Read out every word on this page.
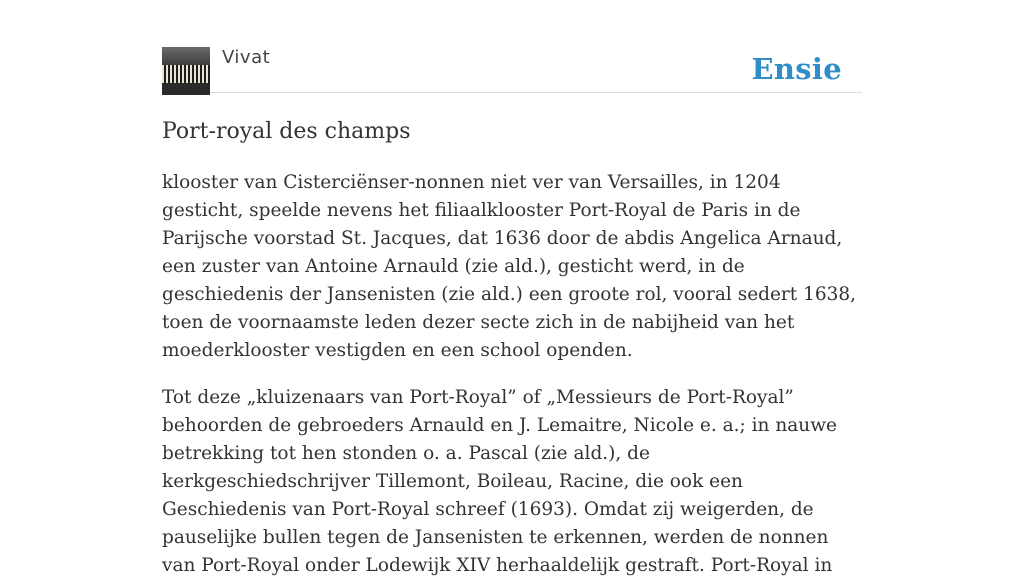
Vivat	Ensie
Port-royal des champs

klooster van Cisterciënser-nonnen niet ver van Versailles, in 1204 gesticht, speelde nevens het filiaalklooster Port-Royal de Paris in de Parijsche voorstad St. Jacques, dat 1636 door de abdis Angelica Arnaud, een zuster van Antoine Arnauld (zie ald.), gesticht werd, in de geschiedenis der Jansenisten (zie ald.) een groote rol, vooral sedert 1638, toen de voornaamste leden dezer secte zich in de nabijheid van het moederklooster vestigden en een school openden.

Tot deze „kluizenaars van Port-Royal” of „Messieurs de Port-Royal” behoorden de gebroeders Arnauld en J. Lemaitre, Nicole e. a.; in nauwe betrekking tot hen stonden o. a. Pascal (zie ald.), de kerkgeschiedschrijver Tillemont, Boileau, Racine, die ook een Geschiedenis van Port-Royal schreef (1693). Omdat zij weigerden, de pauselijke bullen tegen de Jansenisten te erkennen, werden de nonnen van Port-Royal onder Lodewijk XIV herhaaldelijk gestraft. Port-Royal in
